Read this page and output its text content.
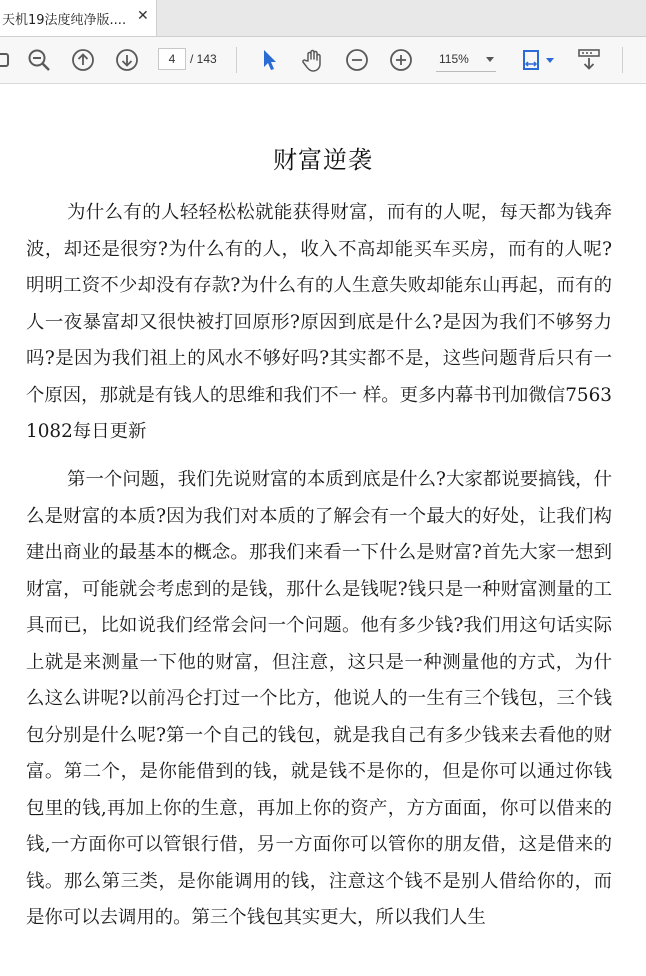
天机19法度纯净版.... ✕
4	/ 143	115%
财富逆袭
为什么有的人轻轻松松就能获得财富，而有的人呢，每天都为钱奔波，却还是很穷?为什么有的人，收入不高却能买车买房，而有的人呢?明明工资不少却没有存款?为什么有的人生意失败却能东山再起，而有的人一夜暴富却又很快被打回原形?原因到底是什么?是因为我们不够努力吗?是因为我们祖上的风水不够好吗?其实都不是，这些问题背后只有一个原因，那就是有钱人的思维和我们不一 样。更多内幕书刊加微信75631082每日更新
第一个问题，我们先说财富的本质到底是什么?大家都说要搞钱，什么是财富的本质?因为我们对本质的了解会有一个最大的好处，让我们构建出商业的最基本的概念。那我们来看一下什么是财富?首先大家一想到财富，可能就会考虑到的是钱，那什么是钱呢?钱只是一种财富测量的工具而已，比如说我们经常会问一个问题。他有多少钱?我们用这句话实际上就是来测量一下他的财富，但注意，这只是一种测量他的方式，为什么这么讲呢?以前冯仑打过一个比方，他说人的一生有三个钱包，三个钱包分别是什么呢?第一个自己的钱包，就是我自己有多少钱来去看他的财富。第二个，是你能借到的钱，就是钱不是你的，但是你可以通过你钱包里的钱,再加上你的生意，再加上你的资产，方方面面，你可以借来的钱,一方面你可以管银行借，另一方面你可以管你的朋友借，这是借来的钱。那么第三类，是你能调用的钱，注意这个钱不是别人借给你的，而是你可以去调用的。第三个钱包其实更大，所以我们人生
